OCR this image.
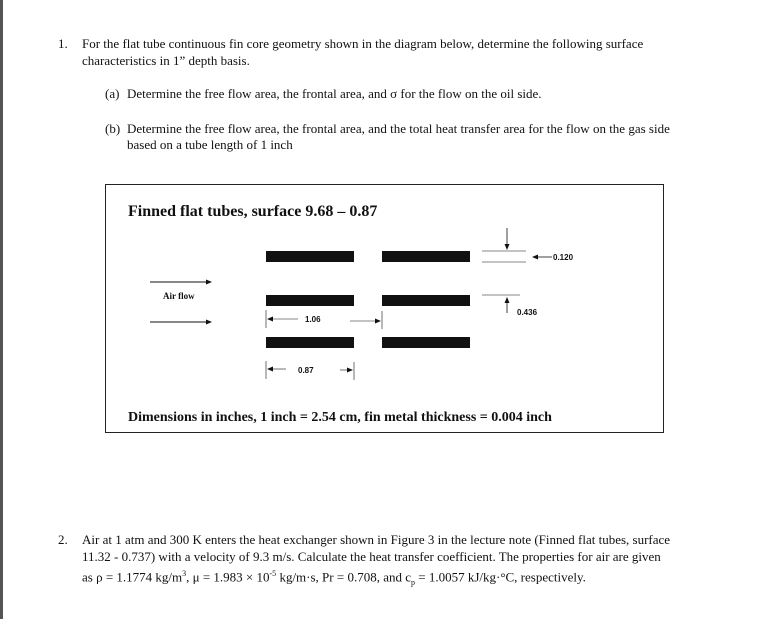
1. For the flat tube continuous fin core geometry shown in the diagram below, determine the following surface
characteristics in 1” depth basis.
(a) Determine the free flow area, the frontal area, and σ for the flow on the oil side.
(b) Determine the free flow area, the frontal area, and the total heat transfer area for the flow on the gas side
based on a tube length of 1 inch
Finned flat tubes, surface 9.68 – 0.87
Air flow
0.120
0.436
1.06
0.87
Dimensions in inches, 1 inch = 2.54 cm, fin metal thickness = 0.004 inch
2. Air at 1 atm and 300 K enters the heat exchanger shown in Figure 3 in the lecture note (Finned flat tubes, surface
11.32 - 0.737) with a velocity of 9.3 m/s. Calculate the heat transfer coefficient. The properties for air are given
as ρ = 1.1774 $kg/m^3$, $\mu = 1.983 \times 10^{-5}$ kg/m·s, Pr = 0.708, and $c_p = 1.0057$ kJ/kg·°C, respectively.
